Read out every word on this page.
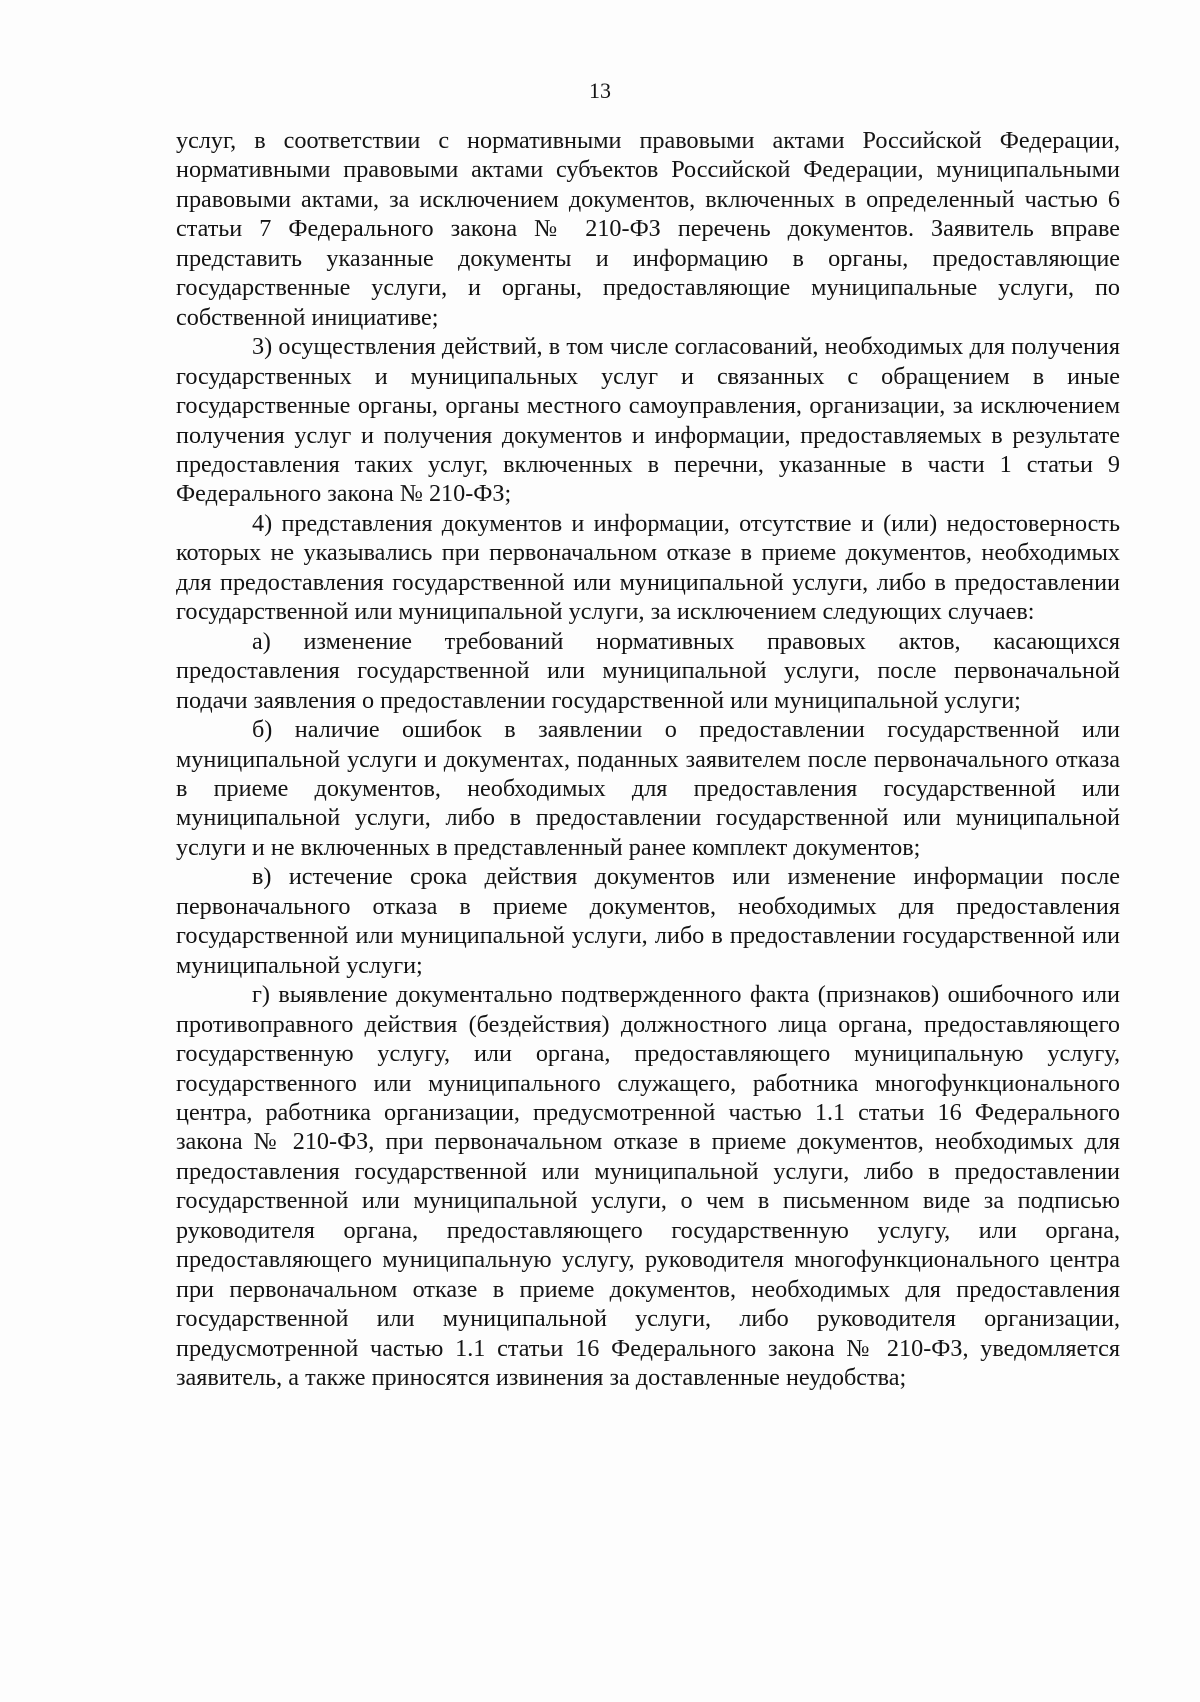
13

услуг, в соответствии с нормативными правовыми актами Российской Федерации, нормативными правовыми актами субъектов Российской Федерации, муниципальными правовыми актами, за исключением документов, включенных в определенный частью 6 статьи 7 Федерального закона № 210-ФЗ перечень документов. Заявитель вправе представить указанные документы и информацию в органы, предоставляющие государственные услуги, и органы, предоставляющие муниципальные услуги, по собственной инициативе;

3) осуществления действий, в том числе согласований, необходимых для получения государственных и муниципальных услуг и связанных с обращением в иные государственные органы, органы местного самоуправления, организации, за исключением получения услуг и получения документов и информации, предоставляемых в результате предоставления таких услуг, включенных в перечни, указанные в части 1 статьи 9 Федерального закона № 210-ФЗ;

4) представления документов и информации, отсутствие и (или) недостоверность которых не указывались при первоначальном отказе в приеме документов, необходимых для предоставления государственной или муниципальной услуги, либо в предоставлении государственной или муниципальной услуги, за исключением следующих случаев:

а) изменение требований нормативных правовых актов, касающихся предоставления государственной или муниципальной услуги, после первоначальной подачи заявления о предоставлении государственной или муниципальной услуги;

б) наличие ошибок в заявлении о предоставлении государственной или муниципальной услуги и документах, поданных заявителем после первоначального отказа в приеме документов, необходимых для предоставления государственной или муниципальной услуги, либо в предоставлении государственной или муниципальной услуги и не включенных в представленный ранее комплект документов;

в) истечение срока действия документов или изменение информации после первоначального отказа в приеме документов, необходимых для предоставления государственной или муниципальной услуги, либо в предоставлении государственной или муниципальной услуги;

г) выявление документально подтвержденного факта (признаков) ошибочного или противоправного действия (бездействия) должностного лица органа, предоставляющего государственную услугу, или органа, предоставляющего муниципальную услугу, государственного или муниципального служащего, работника многофункционального центра, работника организации, предусмотренной частью 1.1 статьи 16 Федерального закона № 210-ФЗ, при первоначальном отказе в приеме документов, необходимых для предоставления государственной или муниципальной услуги, либо в предоставлении государственной или муниципальной услуги, о чем в письменном виде за подписью руководителя органа, предоставляющего государственную услугу, или органа, предоставляющего муниципальную услугу, руководителя многофункционального центра при первоначальном отказе в приеме документов, необходимых для предоставления государственной или муниципальной услуги, либо руководителя организации, предусмотренной частью 1.1 статьи 16 Федерального закона № 210-ФЗ, уведомляется заявитель, а также приносятся извинения за доставленные неудобства;
